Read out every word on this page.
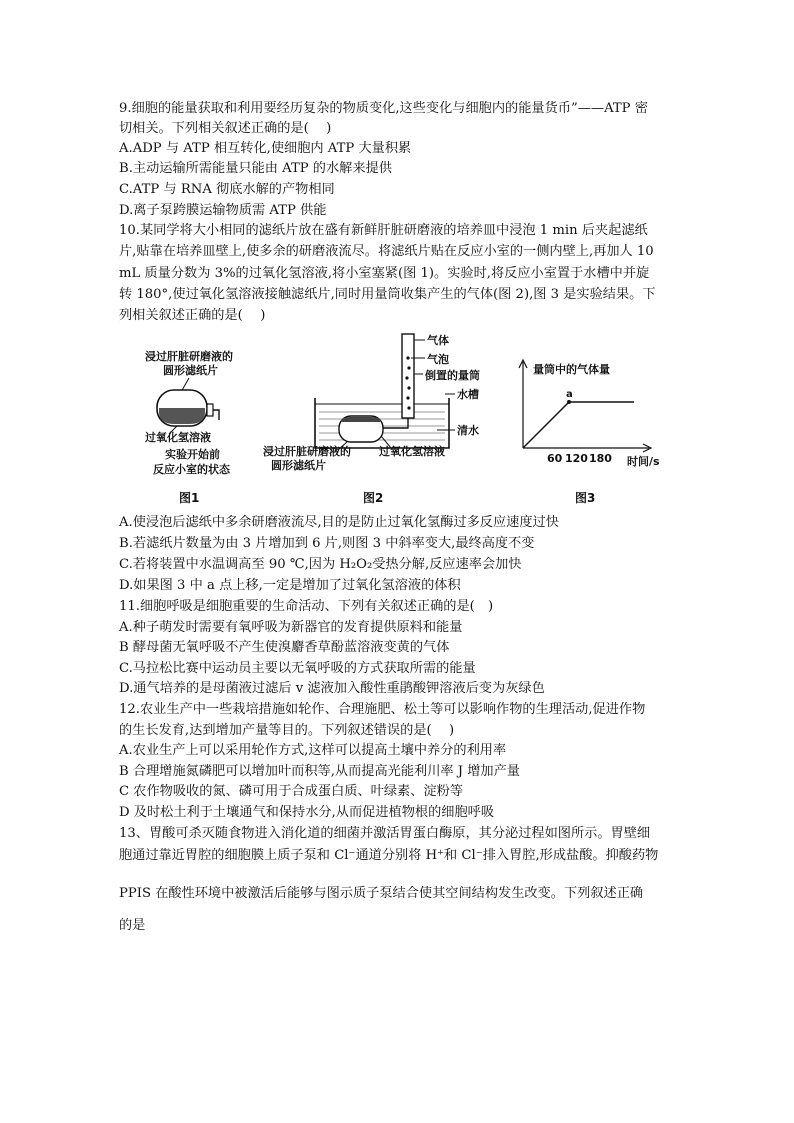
9.细胞的能量获取和利用要经历复杂的物质变化,这些变化与细胞内的能量货币”——ATP 密
切相关。下列相关叙述正确的是(　 )
A.ADP 与 ATP 相互转化,使细胞内 ATP 大量积累
B.主动运输所需能量只能由 ATP 的水解来提供
C.ATP 与 RNA 彻底水解的产物相同
D.离子泵跨膜运输物质需 ATP 供能
10.某同学将大小相同的滤纸片放在盛有新鲜肝脏研磨液的培养皿中浸泡 1 min 后夹起滤纸
片,贴靠在培养皿壁上,使多余的研磨液流尽。将滤纸片贴在反应小室的一侧内壁上,再加人 10
mL 质量分数为 3%的过氧化氢溶液,将小室塞紧(图 1)。实验时,将反应小室置于水槽中并旋
转 180°,使过氧化氢溶液接触滤纸片,同时用量筒收集产生的气体(图 2),图 3 是实验结果。下
列相关叙述正确的是(　 )
浸过肝脏研磨液的
圆形滤纸片
过氧化氢溶液
实验开始前
反应小室的状态
图1
气体
气泡
倒置的量筒
水槽
清水
浸过肝脏研磨液的	过氧化氢溶液
圆形滤纸片
图2
a
量筒中的气体量
60 120 180 时间/s
图3
A.使浸泡后滤纸中多余研磨液流尽,目的是防止过氧化氢酶过多反应速度过快
B.若滤纸片数量为由 3 片增加到 6 片,则图 3 中斜率变大,最终高度不变
C.若将装置中水温调高至 90 ℃,因为 H₂O₂受热分解,反应速率会加快
D.如果图 3 中 a 点上移,一定是增加了过氧化氢溶液的体积
11.细胞呼吸是细胞重要的生命活动、下列有关叙述正确的是(　)
A.种子萌发时需要有氧呼吸为新器官的发育提供原料和能量
B 酵母菌无氧呼吸不产生使溴麝香草酚蓝溶液变黄的气体
C.马拉松比赛中运动员主要以无氧呼吸的方式获取所需的能量
D.通气培养的是母菌液过滤后 v 滤液加入酸性重鹃酸钾溶液后变为灰绿色
12.农业生产中一些栽培措施如轮作、合理施肥、松土等可以影响作物的生理活动,促进作物
的生长发育,达到增加产量等目的。下列叙述错误的是(　 )
A.农业生产上可以采用轮作方式,这样可以提高土壤中养分的利用率
B 合理增施氮磷肥可以增加叶而积等,从而提高光能利川率 J 增加产量
C 农作物吸收的氮、磷可用于合成蛋白质、叶绿素、淀粉等
D 及时松土利于土壤通气和保持水分,从而促进植物根的细胞呼吸
13、胃酸可杀灭随食物进入消化道的细菌并激活胃蛋白酶原，其分泌过程如图所示。胃壁细
胞通过靠近胃腔的细胞膜上质子泵和 Cl⁻通道分别将 H⁺和 Cl⁻排入胃腔,形成盐酸。抑酸药物
PPIS 在酸性环境中被激活后能够与图示质子泵结合使其空间结构发生改变。下列叙述正确
的是
